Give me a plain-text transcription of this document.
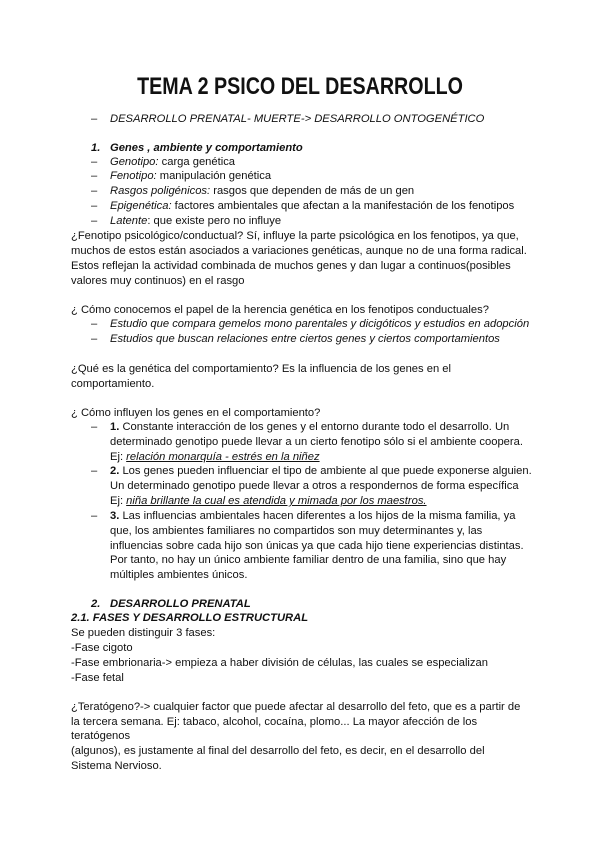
TEMA 2 PSICO DEL DESARROLLO
– DESARROLLO PRENATAL- MUERTE-> DESARROLLO ONTOGENÉTICO
1. Genes , ambiente y comportamiento
– Genotipo: carga genética
– Fenotipo: manipulación genética
– Rasgos poligénicos: rasgos que dependen de más de un gen
– Epigenética: factores ambientales que afectan a la manifestación de los fenotipos
– Latente: que existe pero no influye
¿Fenotipo psicológico/conductual? Sí, influye la parte psicológica en los fenotipos, ya que,
muchos de estos están asociados a variaciones genéticas, aunque no de una forma radical.
Estos reflejan la actividad combinada de muchos genes y dan lugar a continuos(posibles
valores muy continuos) en el rasgo
¿ Cómo conocemos el papel de la herencia genética en los fenotipos conductuales?
– Estudio que compara gemelos mono parentales y dicigóticos y estudios en adopción
– Estudios que buscan relaciones entre ciertos genes y ciertos comportamientos
¿Qué es la genética del comportamiento? Es la influencia de los genes en el
comportamiento.
¿ Cómo influyen los genes en el comportamiento?
– 1. Constante interacción de los genes y el entorno durante todo el desarrollo. Un
determinado genotipo puede llevar a un cierto fenotipo sólo si el ambiente coopera.
Ej: relación monarquía - estrés en la niñez
– 2. Los genes pueden influenciar el tipo de ambiente al que puede exponerse alguien.
Un determinado genotipo puede llevar a otros a respondernos de forma específica
Ej: niña brillante la cual es atendida y mimada por los maestros.
– 3. Las influencias ambientales hacen diferentes a los hijos de la misma familia, ya
que, los ambientes familiares no compartidos son muy determinantes y, las
influencias sobre cada hijo son únicas ya que cada hijo tiene experiencias distintas.
Por tanto, no hay un único ambiente familiar dentro de una familia, sino que hay
múltiples ambientes únicos.
2. DESARROLLO PRENATAL
2.1. FASES Y DESARROLLO ESTRUCTURAL
Se pueden distinguir 3 fases:
-Fase cigoto
-Fase embrionaria-> empieza a haber división de células, las cuales se especializan
-Fase fetal
¿Teratógeno?-> cualquier factor que puede afectar al desarrollo del feto, que es a partir de
la tercera semana. Ej: tabaco, alcohol, cocaína, plomo... La mayor afección de los
teratógenos
(algunos), es justamente al final del desarrollo del feto, es decir, en el desarrollo del
Sistema Nervioso.
